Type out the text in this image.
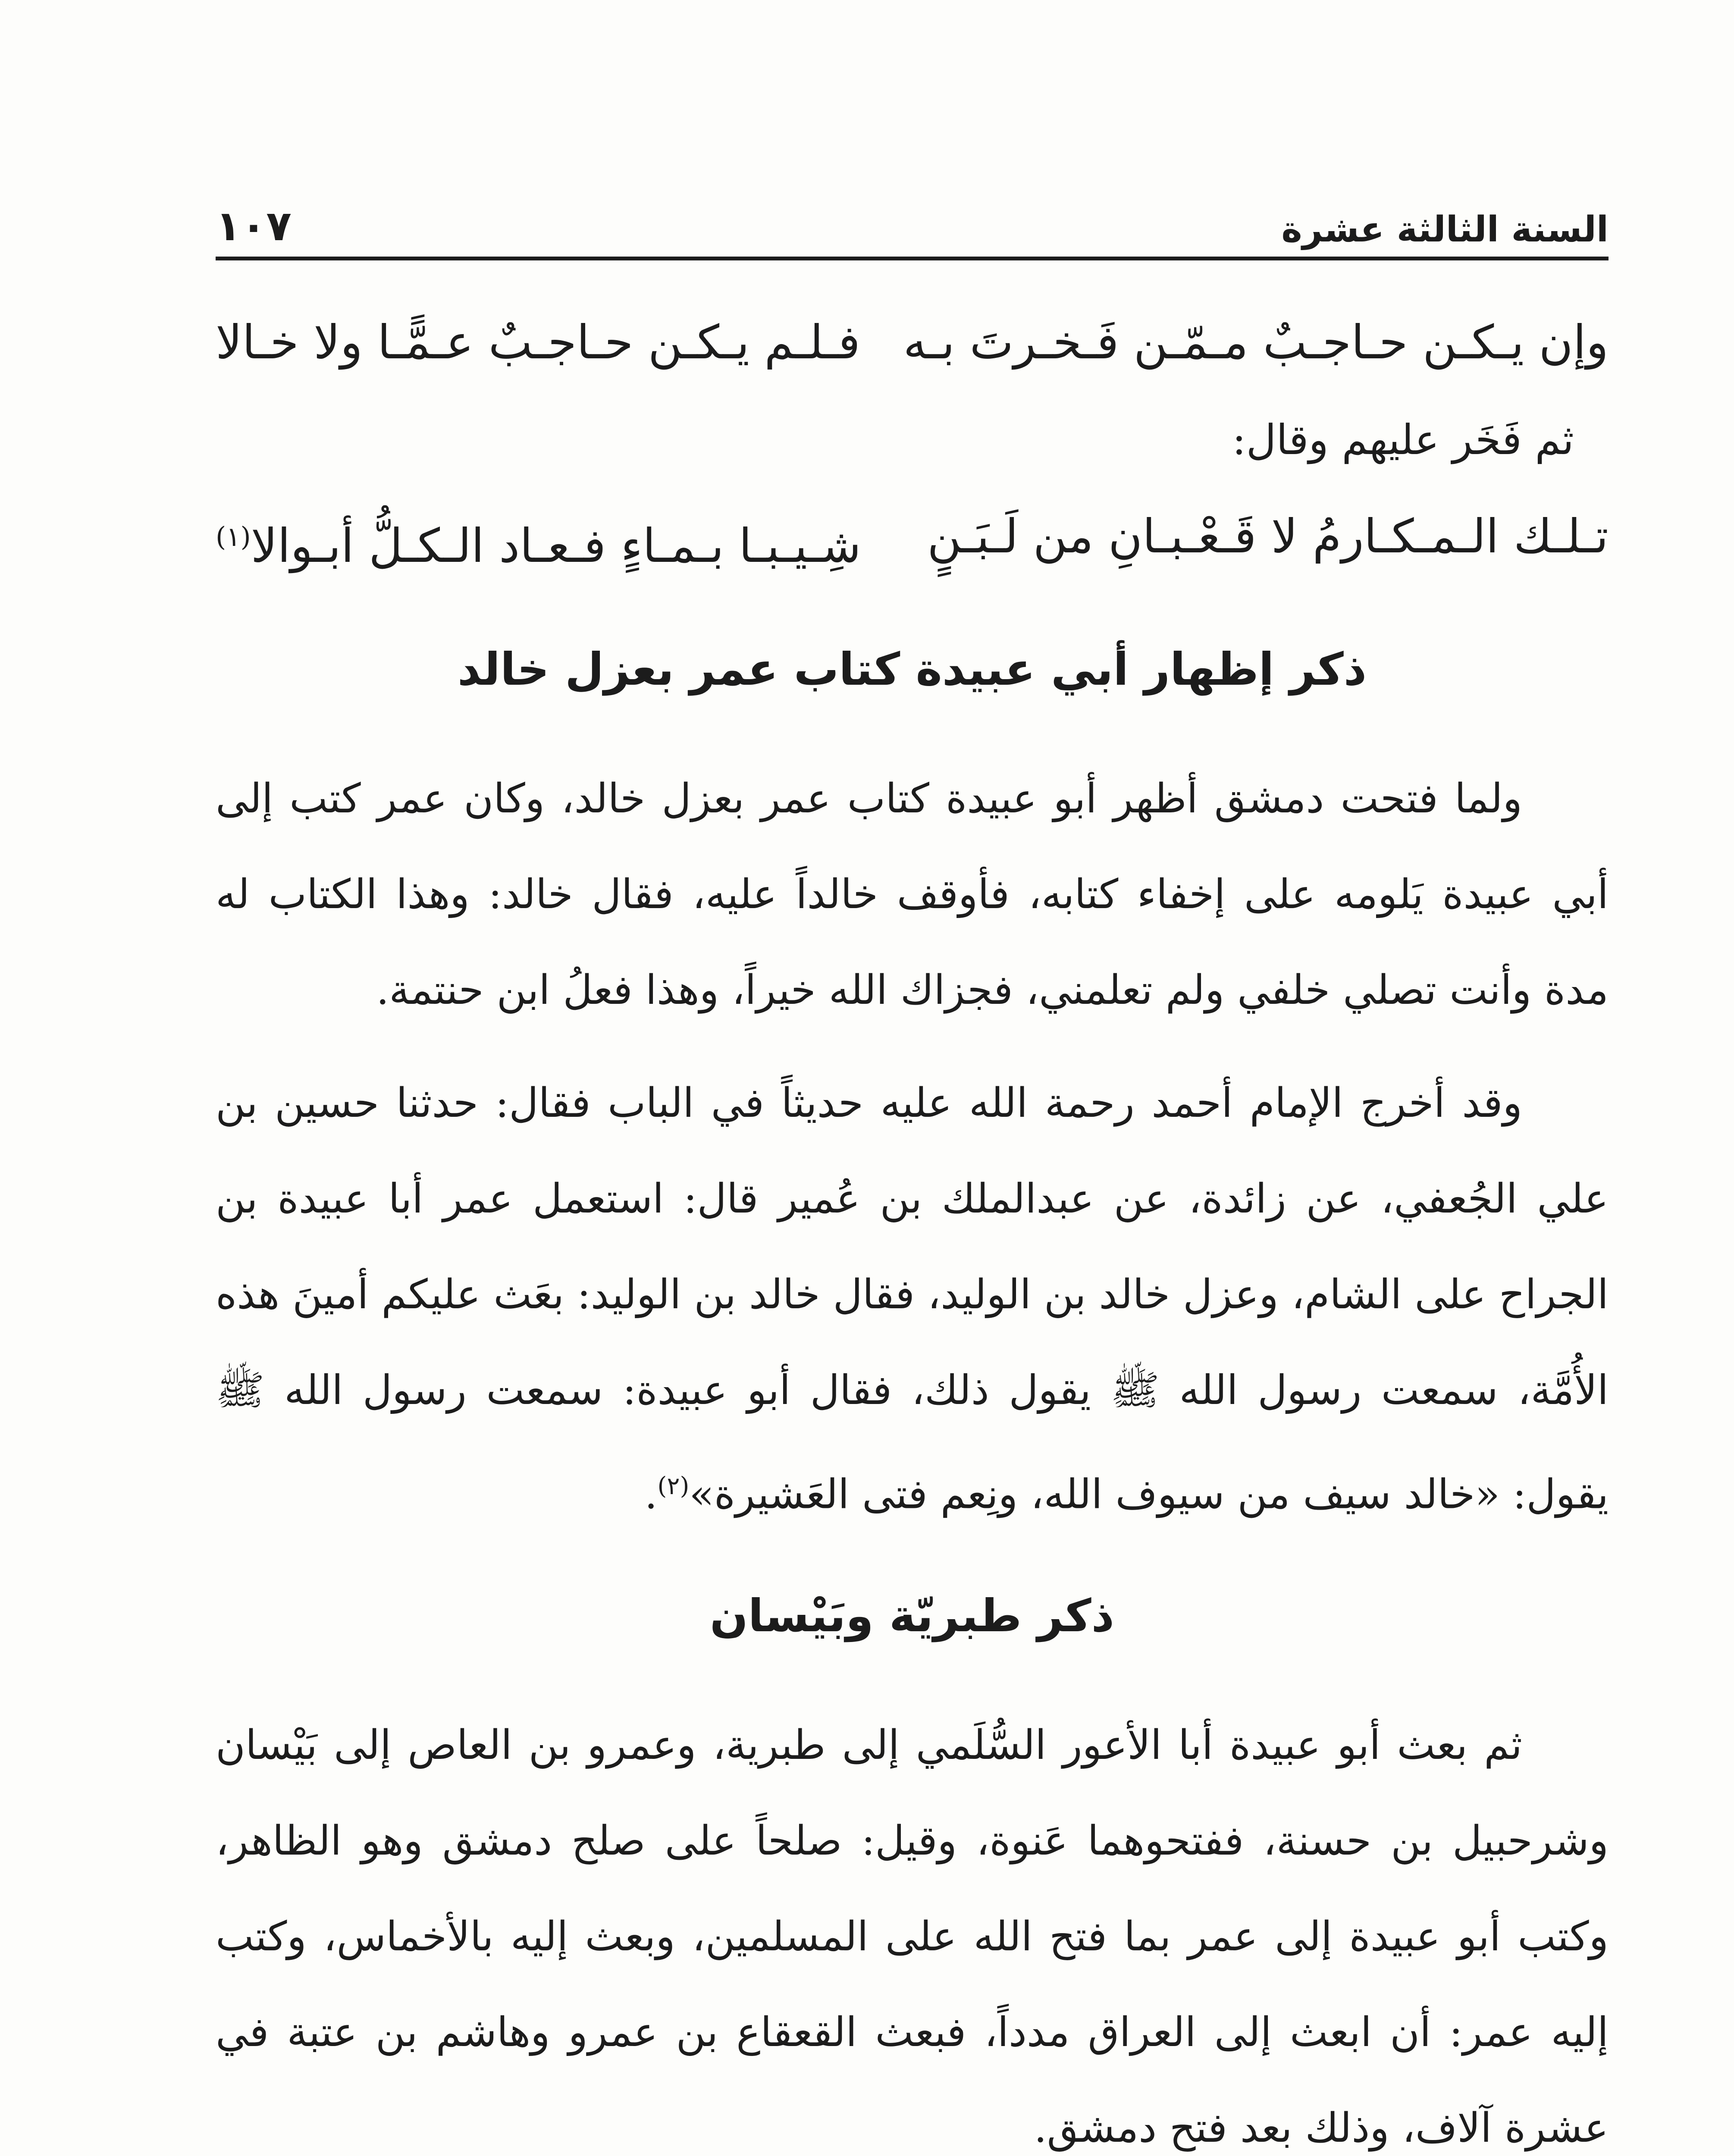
السنة الثالثة عشرة
١٠٧
وإن يـكـن حـاجـبٌ مـمّـن فَـخـرتَ بـه
فـلـم يـكـن حـاجـبٌ عـمًّـا ولا خـالا
ثم فَخَر عليهم وقال:
تـلـك الـمـكـارمُ لا قَـعْـبـانِ من لَـبَـنٍ
شِـيـبـا بـمـاءٍ فـعـاد الـكـلُّ أبـوالا$^{(١)}$
ذكر إظهار أبي عبيدة كتاب عمر بعزل خالد

ولما فتحت دمشق أظهر أبو عبيدة كتاب عمر بعزل خالد، وكان عمر كتب إلى أبي عبيدة يَلومه على إخفاء كتابه، فأوقف خالداً عليه، فقال خالد: وهذا الكتاب له مدة وأنت تصلي خلفي ولم تعلمني، فجزاك الله خيراً، وهذا فعلُ ابن حنتمة.

وقد أخرج الإمام أحمد رحمة الله عليه حديثاً في الباب فقال: حدثنا حسين بن علي الجُعفي، عن زائدة، عن عبدالملك بن عُمير قال: استعمل عمر أبا عبيدة بن الجراح على الشام، وعزل خالد بن الوليد، فقال خالد بن الوليد: بعَث عليكم أمينَ هذه الأُمَّة، سمعت رسول الله ﷺ يقول ذلك، فقال أبو عبيدة: سمعت رسول الله ﷺ يقول: «خالد سيف من سيوف الله، ونِعم فتى العَشيرة»$^{(٢)}$.

ذكر طبريّة وبَيْسان

ثم بعث أبو عبيدة أبا الأعور السُّلَمي إلى طبرية، وعمرو بن العاص إلى بَيْسان وشرحبيل بن حسنة، ففتحوهما عَنوة، وقيل: صلحاً على صلح دمشق وهو الظاهر، وكتب أبو عبيدة إلى عمر بما فتح الله على المسلمين، وبعث إليه بالأخماس، وكتب إليه عمر: أن ابعث إلى العراق مدداً، فبعث القعقاع بن عمرو وهاشم بن عتبة في عشرة آلاف، وذلك بعد فتح دمشق.
